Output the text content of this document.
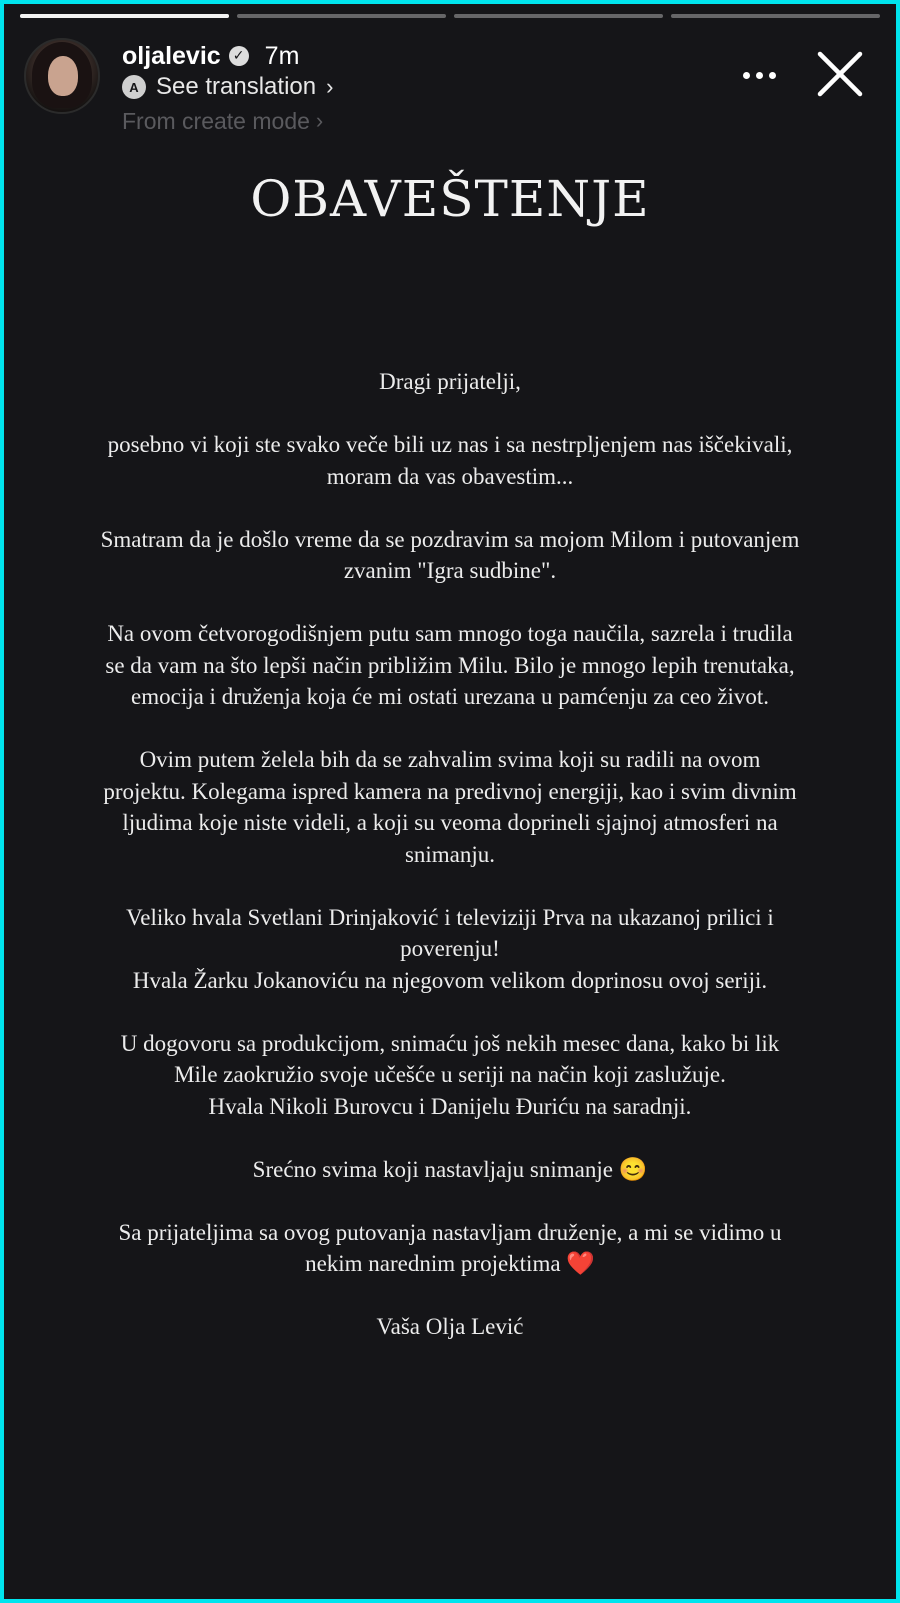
oljalevic ✓ 7m
A See translation ›
From create mode ›
OBAVEŠTENJE

Dragi prijatelji,

posebno vi koji ste svako veče bili uz nas i sa nestrpljenjem nas iščekivali,
moram da vas obavestim...

Smatram da je došlo vreme da se pozdravim sa mojom Milom i putovanjem
zvanim "Igra sudbine".

Na ovom četvorogodišnjem putu sam mnogo toga naučila, sazrela i trudila
se da vam na što lepši način približim Milu. Bilo je mnogo lepih trenutaka,
emocija i druženja koja će mi ostati urezana u pamćenju za ceo život.

Ovim putem želela bih da se zahvalim svima koji su radili na ovom
projektu. Kolegama ispred kamera na predivnoj energiji, kao i svim divnim
ljudima koje niste videli, a koji su veoma doprineli sjajnoj atmosferi na
snimanju.

Veliko hvala Svetlani Drinjaković i televiziji Prva na ukazanoj prilici i
poverenju!
Hvala Žarku Jokanoviću na njegovom velikom doprinosu ovoj seriji.

U dogovoru sa produkcijom, snimaću još nekih mesec dana, kako bi lik
Mile zaokružio svoje učešće u seriji na način koji zaslužuje.
Hvala Nikoli Burovcu i Danijelu Đuriću na saradnji.

Srećno svima koji nastavljaju snimanje 😊

Sa prijateljima sa ovog putovanja nastavljam druženje, a mi se vidimo u
nekim narednim projektima ❤️

Vaša Olja Lević
